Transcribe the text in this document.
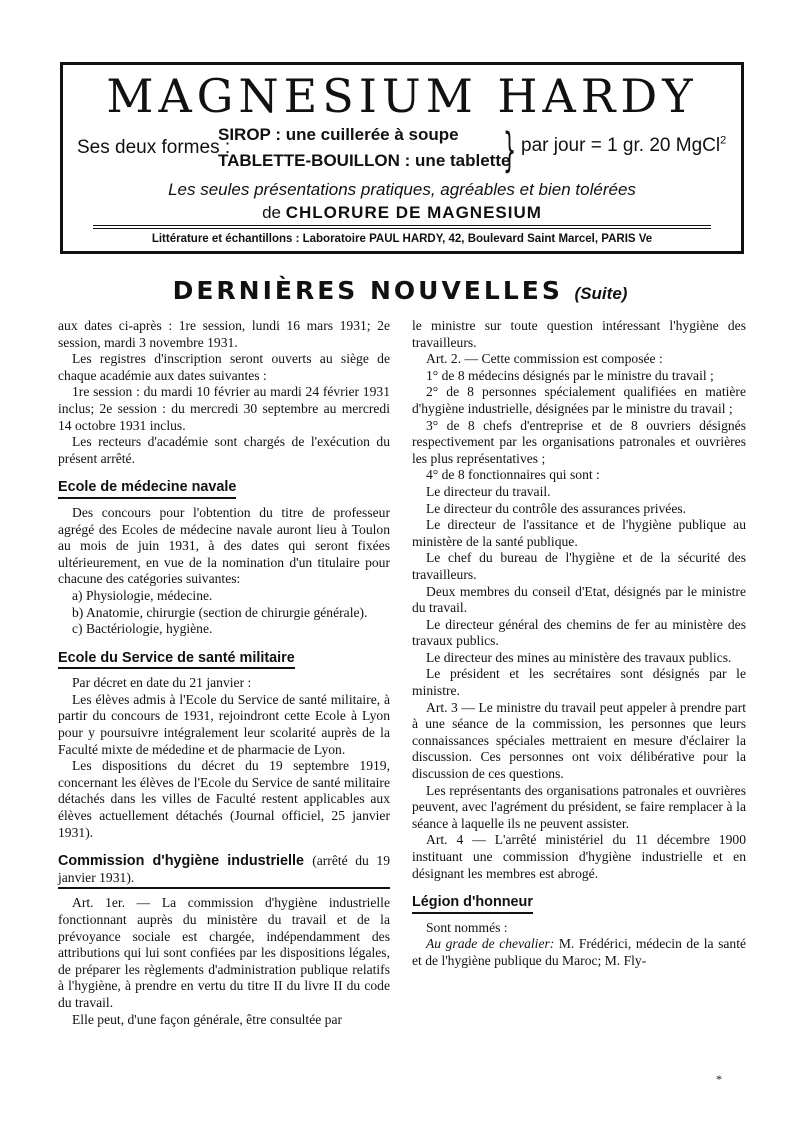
MAGNESIUM HARDY
Ses deux formes :
SIROP : une cuillerée à soupe
TABLETTE-BOUILLON : une tablette
} par jour = 1 gr. 20 MgCl$^2$
Les seules présentations pratiques, agréables et bien tolérées
de CHLORURE DE MAGNESIUM
Littérature et échantillons : Laboratoire PAUL HARDY, 42, Boulevard Saint Marcel, PARIS Ve
DERNIÈRES NOUVELLES (Suite)

aux dates ci-après : 1re session, lundi 16 mars 1931; 2e session, mardi 3 novembre 1931.

Les registres d'inscription seront ouverts au siège de chaque académie aux dates suivantes :

1re session : du mardi 10 février au mardi 24 février 1931 inclus; 2e session : du mercredi 30 septembre au mercredi 14 octobre 1931 inclus.

Les recteurs d'académie sont chargés de l'exécution du présent arrêté.

Ecole de médecine navale

Des concours pour l'obtention du titre de professeur agrégé des Ecoles de médecine navale auront lieu à Toulon au mois de juin 1931, à des dates qui seront fixées ultérieurement, en vue de la nomination d'un titulaire pour chacune des catégories suivantes:

a) Physiologie, médecine.

b) Anatomie, chirurgie (section de chirurgie générale).

c) Bactériologie, hygiène.

Ecole du Service de santé militaire

Par décret en date du 21 janvier :

Les élèves admis à l'Ecole du Service de santé militaire, à partir du concours de 1931, rejoindront cette Ecole à Lyon pour y poursuivre intégralement leur scolarité auprès de la Faculté mixte de médedine et de pharmacie de Lyon.

Les dispositions du décret du 19 septembre 1919, concernant les élèves de l'Ecole du Service de santé militaire détachés dans les villes de Faculté restent applicables aux élèves actuellement détachés (Journal officiel, 25 janvier 1931).

Commission d'hygiène industrielle (arrêté du 19 janvier 1931).

Art. 1er. — La commission d'hygiène industrielle fonctionnant auprès du ministère du travail et de la prévoyance sociale est chargée, indépendamment des attributions qui lui sont confiées par les dispositions légales, de préparer les règlements d'administration publique relatifs à l'hygiène, à prendre en vertu du titre II du livre II du code du travail.

Elle peut, d'une façon générale, être consultée par

le ministre sur toute question intéressant l'hygiène des travailleurs.

Art. 2. — Cette commission est composée :

1° de 8 médecins désignés par le ministre du travail ;

2° de 8 personnes spécialement qualifiées en matière d'hygiène industrielle, désignées par le ministre du travail ;

3° de 8 chefs d'entreprise et de 8 ouvriers désignés respectivement par les organisations patronales et ouvrières les plus représentatives ;

4° de 8 fonctionnaires qui sont :

Le directeur du travail.

Le directeur du contrôle des assurances privées.

Le directeur de l'assitance et de l'hygiène publique au ministère de la santé publique.

Le chef du bureau de l'hygiène et de la sécurité des travailleurs.

Deux membres du conseil d'Etat, désignés par le ministre du travail.

Le directeur général des chemins de fer au ministère des travaux publics.

Le directeur des mines au ministère des travaux publics.

Le président et les secrétaires sont désignés par le ministre.

Art. 3 — Le ministre du travail peut appeler à prendre part à une séance de la commission, les personnes que leurs connaissances spéciales mettraient en mesure d'éclairer la discussion. Ces personnes ont voix délibérative pour la discussion de ces questions.

Les représentants des organisations patronales et ouvrières peuvent, avec l'agrément du président, se faire remplacer à la séance à laquelle ils ne peuvent assister.

Art. 4 — L'arrêté ministériel du 11 décembre 1900 instituant une commission d'hygiène industrielle et en désignant les membres est abrogé.

Légion d'honneur

Sont nommés :

Au grade de chevalier: M. Frédérici, médecin de la santé et de l'hygiène publique du Maroc; M. Fly-

*
